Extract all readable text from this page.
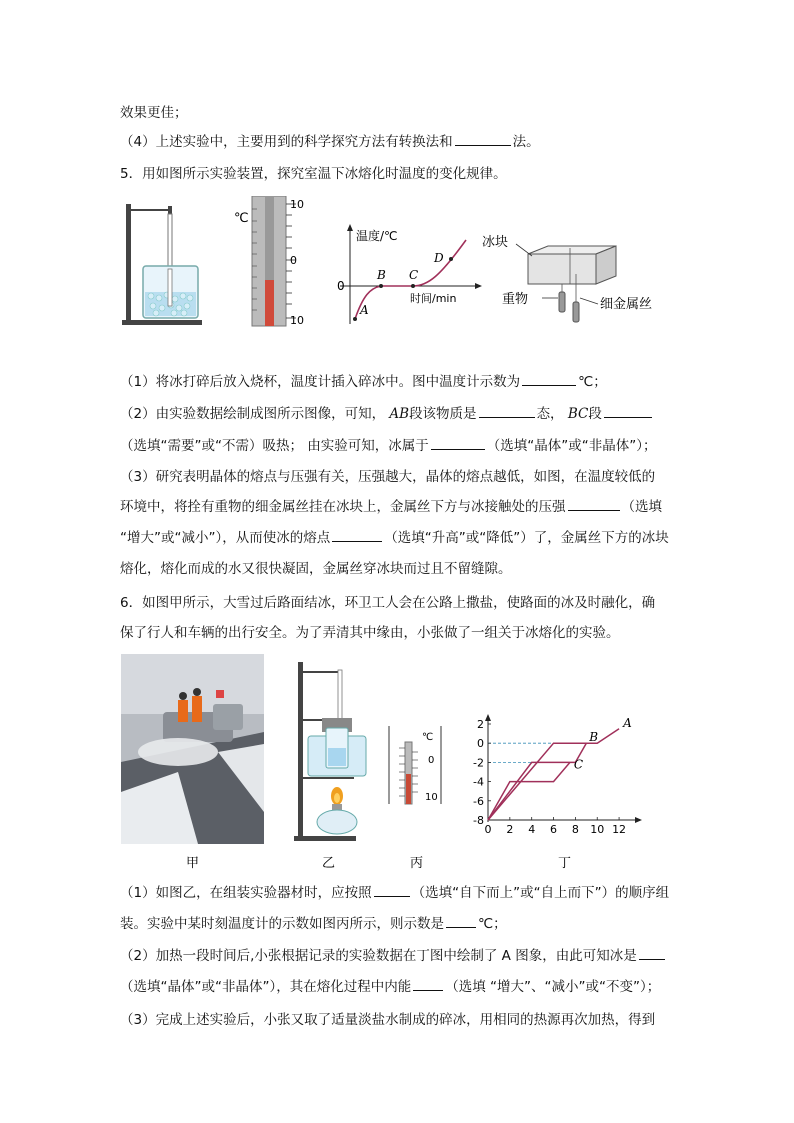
效果更佳；
（4）上述实验中，主要用到的科学探究方法有转换法和	法。
5．用如图所示实验装置，探究室温下冰熔化时温度的变化规律。
℃
10
0
10
温度/℃
时间/min
0
A
B C
D
冰块
重物	细金属丝
（1）将冰打碎后放入烧杯，温度计插入碎冰中。图中温度计示数为	℃；
（2）由实验数据绘制成图所示图像，可知， AB段该物质是	态， BC段
（选填“需要”或“不需）吸热； 由实验可知，冰属于	（选填“晶体”或“非晶体”）；
（3）研究表明晶体的熔点与压强有关，压强越大，晶体的熔点越低，如图，在温度较低的
环境中，将拴有重物的细金属丝挂在冰块上，金属丝下方与冰接触处的压强	（选填
“增大”或“减小”），从而使冰的熔点	（选填“升高”或“降低”）了，金属丝下方的冰块
熔化，熔化而成的水又很快凝固，金属丝穿冰块而过且不留缝隙。
6．如图甲所示，大雪过后路面结冰，环卫工人会在公路上撒盐，使路面的冰及时融化，确
保了行人和车辆的出行安全。为了弄清其中缘由，小张做了一组关于冰熔化的实验。
℃
0
10
0 2 4 6 8 10 12
2
0
-2
-4
-6
-8
A
B
C
甲	乙	丙	丁
（1）如图乙，在组装实验器材时，应按照	（选填“自下而上”或“自上而下”）的顺序组
装。实验中某时刻温度计的示数如图丙所示，则示数是	℃；
（2）加热一段时间后,小张根据记录的实验数据在丁图中绘制了 A 图象，由此可知冰是
（选填“晶体”或“非晶体”），其在熔化过程中内能	（选填 “增大”、“减小”或“不变”）；
（3）完成上述实验后，小张又取了适量淡盐水制成的碎冰，用相同的热源再次加热，得到
